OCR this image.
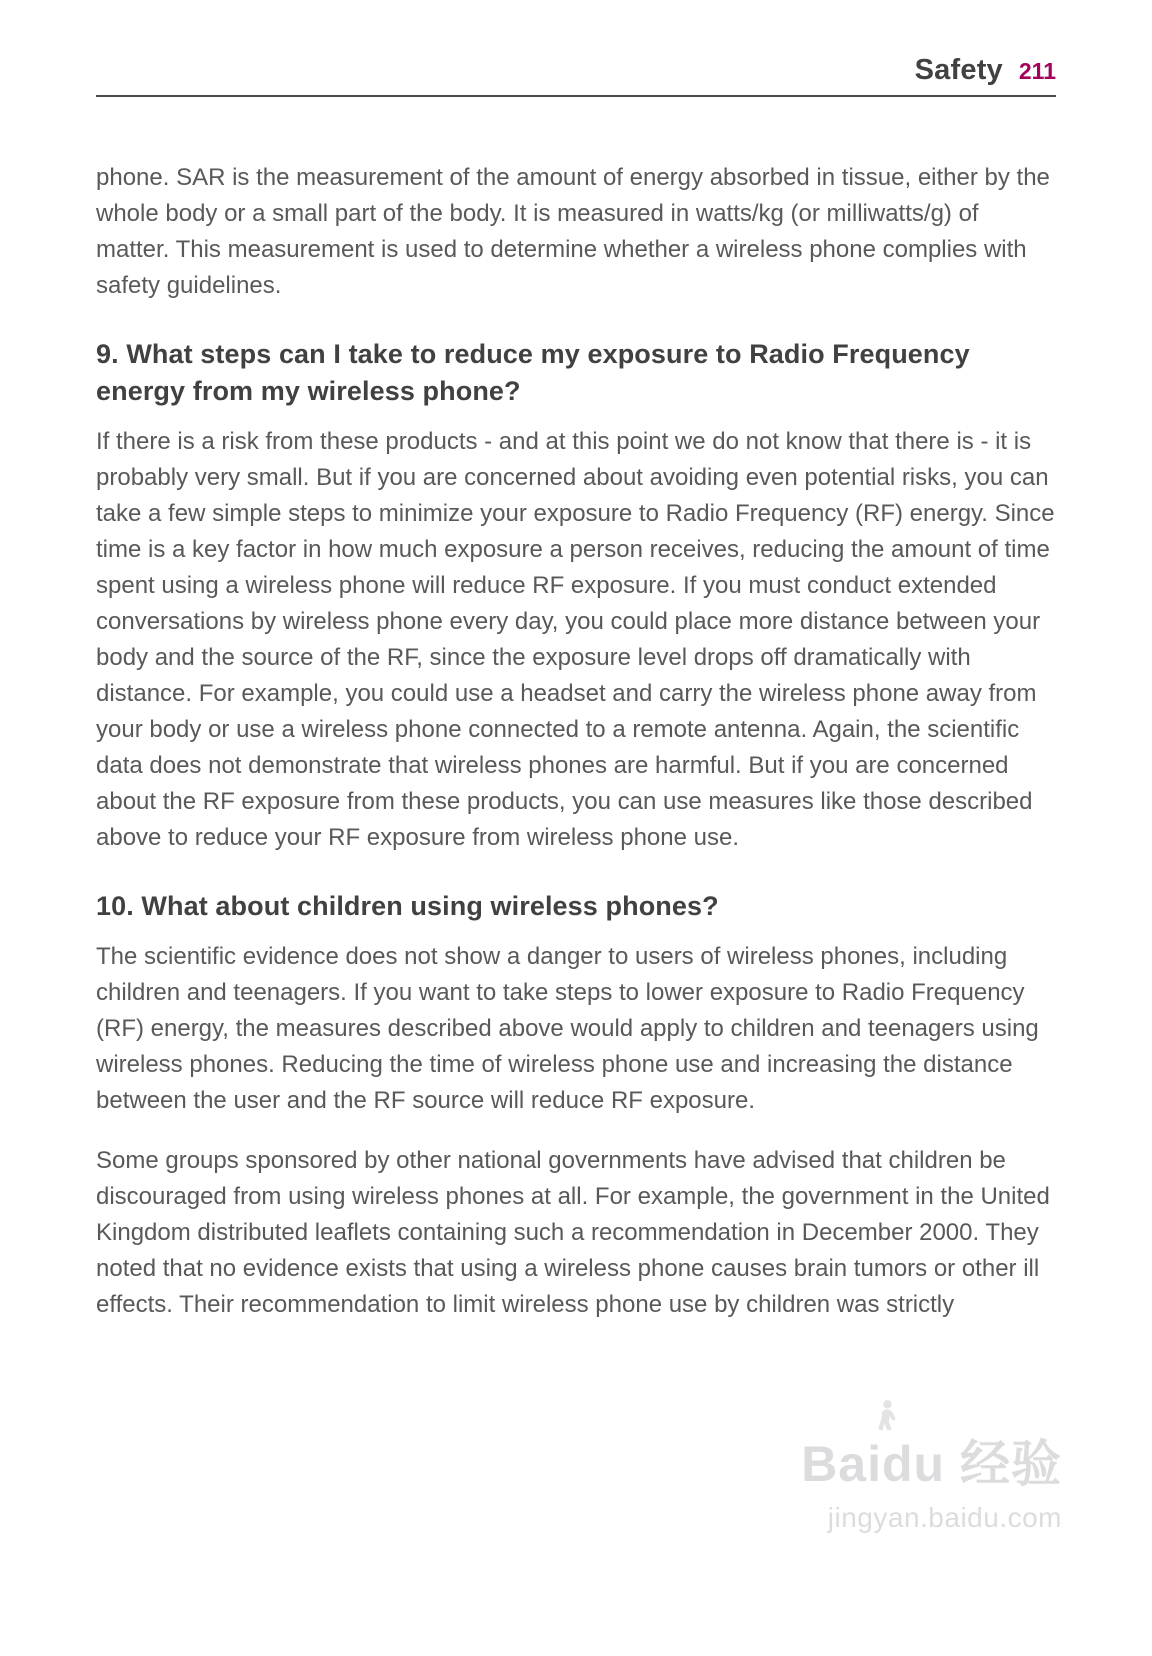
Safety 211

phone. SAR is the measurement of the amount of energy absorbed in tissue, either by the whole body or a small part of the body. It is measured in watts/kg (or milliwatts/g) of matter. This measurement is used to determine whether a wireless phone complies with safety guidelines.

9. What steps can I take to reduce my exposure to Radio Frequency energy from my wireless phone?

If there is a risk from these products - and at this point we do not know that there is - it is probably very small. But if you are concerned about avoiding even potential risks, you can take a few simple steps to minimize your exposure to Radio Frequency (RF) energy. Since time is a key factor in how much exposure a person receives, reducing the amount of time spent using a wireless phone will reduce RF exposure. If you must conduct extended conversations by wireless phone every day, you could place more distance between your body and the source of the RF, since the exposure level drops off dramatically with distance. For example, you could use a headset and carry the wireless phone away from your body or use a wireless phone connected to a remote antenna. Again, the scientific data does not demonstrate that wireless phones are harmful. But if you are concerned about the RF exposure from these products, you can use measures like those described above to reduce your RF exposure from wireless phone use.

10. What about children using wireless phones?

The scientific evidence does not show a danger to users of wireless phones, including children and teenagers. If you want to take steps to lower exposure to Radio Frequency (RF) energy, the measures described above would apply to children and teenagers using wireless phones. Reducing the time of wireless phone use and increasing the distance between the user and the RF source will reduce RF exposure.

Some groups sponsored by other national governments have advised that children be discouraged from using wireless phones at all. For example, the government in the United Kingdom distributed leaflets containing such a recommendation in December 2000. They noted that no evidence exists that using a wireless phone causes brain tumors or other ill effects. Their recommendation to limit wireless phone use by children was strictly

Baidu 经验
jingyan.baidu.com
